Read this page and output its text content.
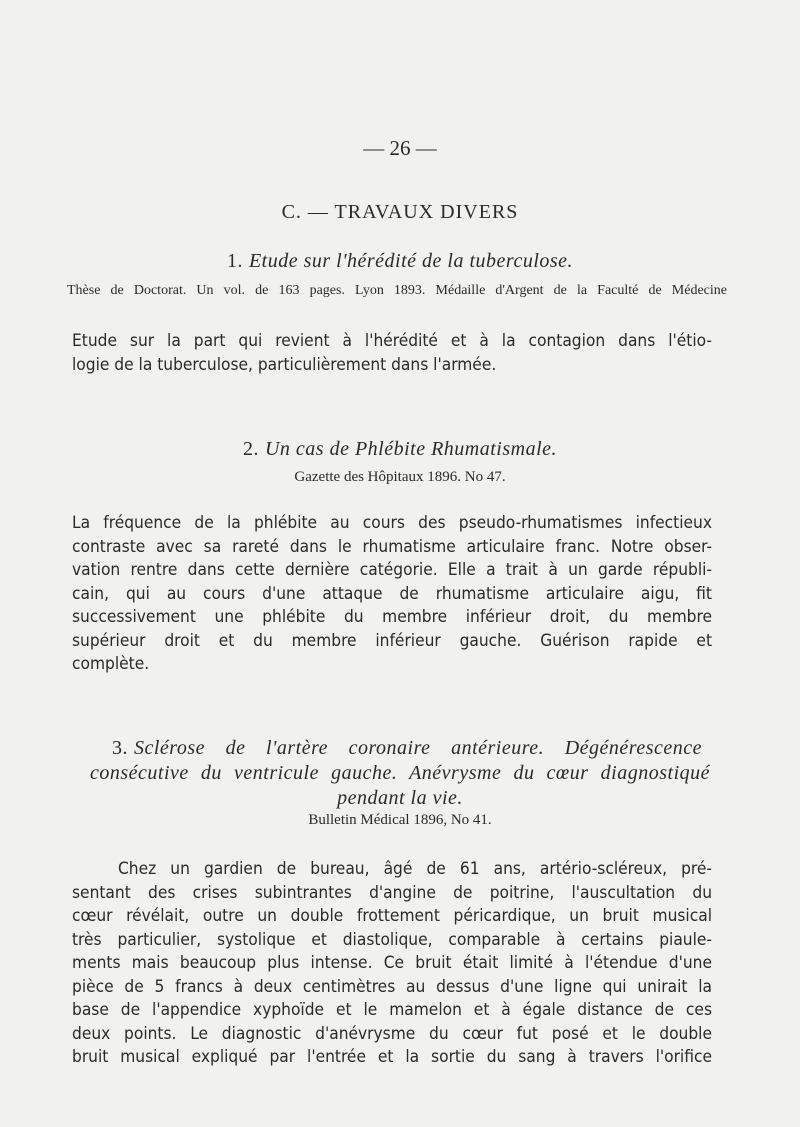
— 26 —
C. — TRAVAUX DIVERS
1. Etude sur l'hérédité de la tuberculose.
Thèse de Doctorat. Un vol. de 163 pages. Lyon 1893. Médaille d'Argent de la Faculté de Médecine
Etude sur la part qui revient à l'hérédité et à la contagion dans l'étio-
logie de la tuberculose, particulièrement dans l'armée.
2. Un cas de Phlébite Rhumatismale.
Gazette des Hôpitaux 1896. No 47.
La fréquence de la phlébite au cours des pseudo-rhumatismes infectieux
contraste avec sa rareté dans le rhumatisme articulaire franc. Notre obser-
vation rentre dans cette dernière catégorie. Elle a trait à un garde républi-
cain, qui au cours d'une attaque de rhumatisme articulaire aigu, fit
successivement une phlébite du membre inférieur droit, du membre
supérieur droit et du membre inférieur gauche. Guérison rapide et
complète.
3. Sclérose de l'artère coronaire antérieure. Dégénérescence
consécutive du ventricule gauche. Anévrysme du cœur diagnostiqué
pendant la vie.
Bulletin Médical 1896, No 41.
Chez un gardien de bureau, âgé de 61 ans, artério-scléreux, pré-
sentant des crises subintrantes d'angine de poitrine, l'auscultation du
cœur révélait, outre un double frottement péricardique, un bruit musical
très particulier, systolique et diastolique, comparable à certains piaule-
ments mais beaucoup plus intense. Ce bruit était limité à l'étendue d'une
pièce de 5 francs à deux centimètres au dessus d'une ligne qui unirait la
base de l'appendice xyphoïde et le mamelon et à égale distance de ces
deux points. Le diagnostic d'anévrysme du cœur fut posé et le double
bruit musical expliqué par l'entrée et la sortie du sang à travers l'orifice
